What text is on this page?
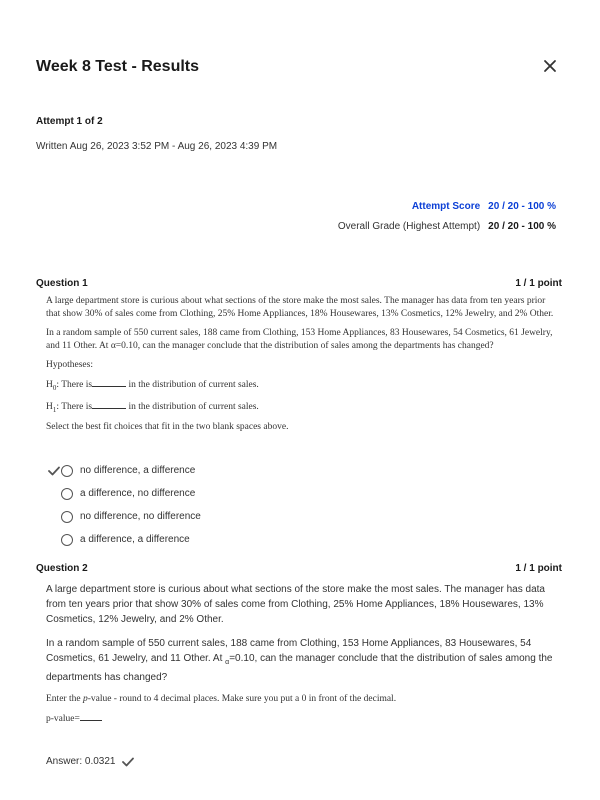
Week 8 Test - Results
Attempt 1 of 2
Written Aug 26, 2023 3:52 PM - Aug 26, 2023 4:39 PM
Attempt Score 20 / 20 - 100 %
Overall Grade (Highest Attempt) 20 / 20 - 100 %
Question 1	1 / 1 point

A large department store is curious about what sections of the store make the most sales. The manager has data from ten years prior that show 30% of sales come from Clothing, 25% Home Appliances, 18% Housewares, 13% Cosmetics, 12% Jewelry, and 2% Other.

In a random sample of 550 current sales, 188 came from Clothing, 153 Home Appliances, 83 Housewares, 54 Cosmetics, 61 Jewelry, and 11 Other. At α=0.10, can the manager conclude that the distribution of sales among the departments has changed?

Hypotheses:

$H_0$: There is	in the distribution of current sales.

$H_1$: There is	in the distribution of current sales.

Select the best fit choices that fit in the two blank spaces above.

no difference, a difference
a difference, no difference
no difference, no difference
a difference, a difference
Question 2	1 / 1 point

A large department store is curious about what sections of the store make the most sales. The manager has data from ten years prior that show 30% of sales come from Clothing, 25% Home Appliances, 18% Housewares, 13% Cosmetics, 12% Jewelry, and 2% Other.

In a random sample of 550 current sales, 188 came from Clothing, 153 Home Appliances, 83 Housewares, 54 Cosmetics, 61 Jewelry, and 11 Other. At $_\alpha$=0.10, can the manager conclude that the distribution of sales among the departments has changed?

Enter the p-value - round to 4 decimal places. Make sure you put a 0 in front of the decimal.

p-value=

Answer: 0.0321
